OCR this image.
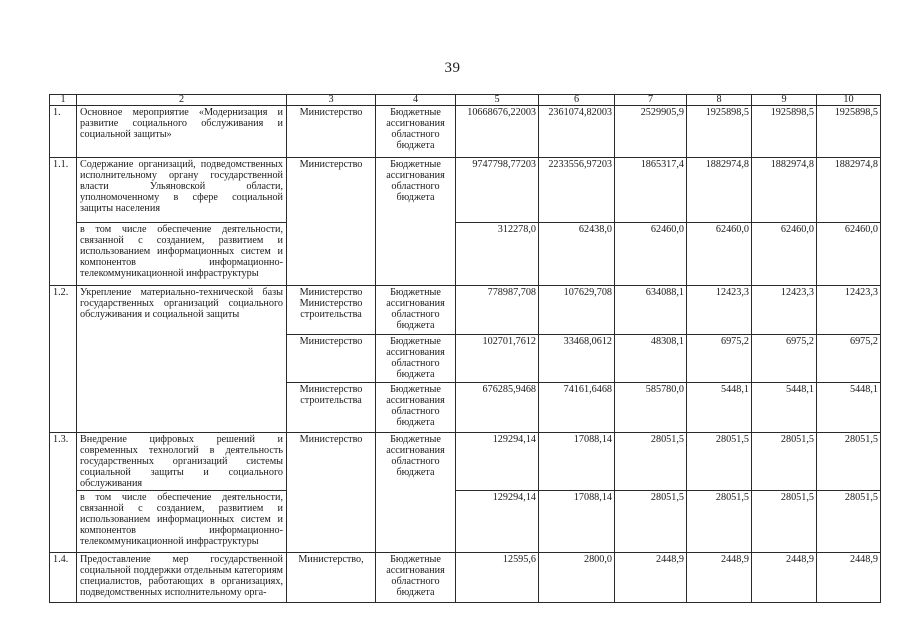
39
1	2	3	4	5	6	7	8	9	10
1.	Основное мероприятие «Модернизация и развитие социального обслуживания и социальной защиты»	Министерство	Бюджетные ассигнования областного бюджета	10668676,22003	2361074,82003	2529905,9	1925898,5	1925898,5	1925898,5
1.1.	Содержание организаций, подведомственных исполнительному органу государственной власти Ульяновской области, уполномоченному в сфере социальной защиты населения	Министерство	Бюджетные ассигнования областного бюджета	9747798,77203	2233556,97203	1865317,4	1882974,8	1882974,8	1882974,8
	в том числе обеспечение деятельности, связанной с созданием, развитием и использованием информационных систем и компонентов информационно-телекоммуникационной инфраструктуры			312278,0	62438,0	62460,0	62460,0	62460,0	62460,0
1.2.	Укрепление материально-технической базы государственных организаций социального обслуживания и социальной защиты	Министерство Министерство строительства	Бюджетные ассигнования областного бюджета	778987,708	107629,708	634088,1	12423,3	12423,3	12423,3
		Министерство	Бюджетные ассигнования областного бюджета	102701,7612	33468,0612	48308,1	6975,2	6975,2	6975,2
		Министерство строительства	Бюджетные ассигнования областного бюджета	676285,9468	74161,6468	585780,0	5448,1	5448,1	5448,1
1.3.	Внедрение цифровых решений и современных технологий в деятельность государственных организаций системы социальной защиты и социального обслуживания	Министерство	Бюджетные ассигнования областного бюджета	129294,14	17088,14	28051,5	28051,5	28051,5	28051,5
	в том числе обеспечение деятельности, связанной с созданием, развитием и использованием информационных систем и компонентов информационно-телекоммуникационной инфраструктуры			129294,14	17088,14	28051,5	28051,5	28051,5	28051,5
1.4.	Предоставление мер государственной социальной поддержки отдельным категориям специалистов, работающих в организациях, подведомственных исполнительному орга-	Министерство,	Бюджетные ассигнования областного бюджета	12595,6	2800,0	2448,9	2448,9	2448,9	2448,9
